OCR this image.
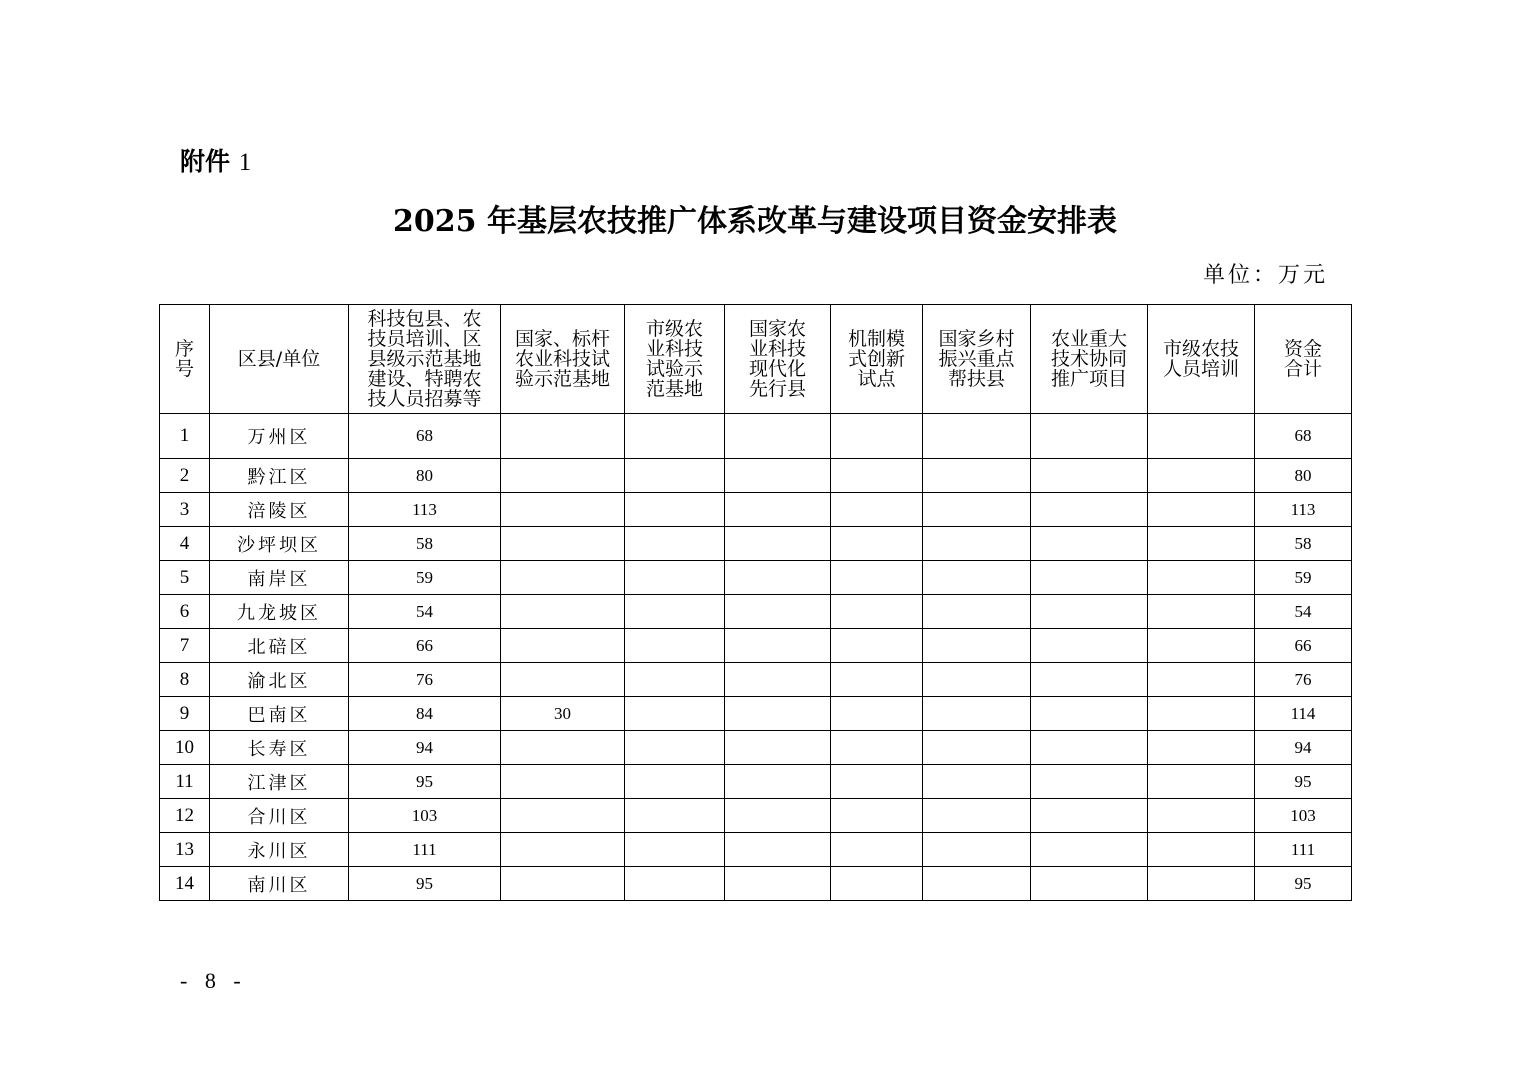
附件 1
2025 年基层农技推广体系改革与建设项目资金安排表
单位：万元
序号	区县/单位	科技包县、农技员培训、区县级示范基地建设、特聘农技人员招募等	国家、标杆农业科技试验示范基地	市级农业科技试验示范基地	国家农业科技现代化先行县	机制模式创新试点	国家乡村振兴重点帮扶县	农业重大技术协同推广项目	市级农技人员培训	资金合计
1	万州区	68								68
2	黔江区	80								80
3	涪陵区	113								113
4	沙坪坝区	58								58
5	南岸区	59								59
6	九龙坡区	54								54
7	北碚区	66								66
8	渝北区	76								76
9	巴南区	84	30							114
10	长寿区	94								94
11	江津区	95								95
12	合川区	103								103
13	永川区	111								111
14	南川区	95								95
- 8 -
